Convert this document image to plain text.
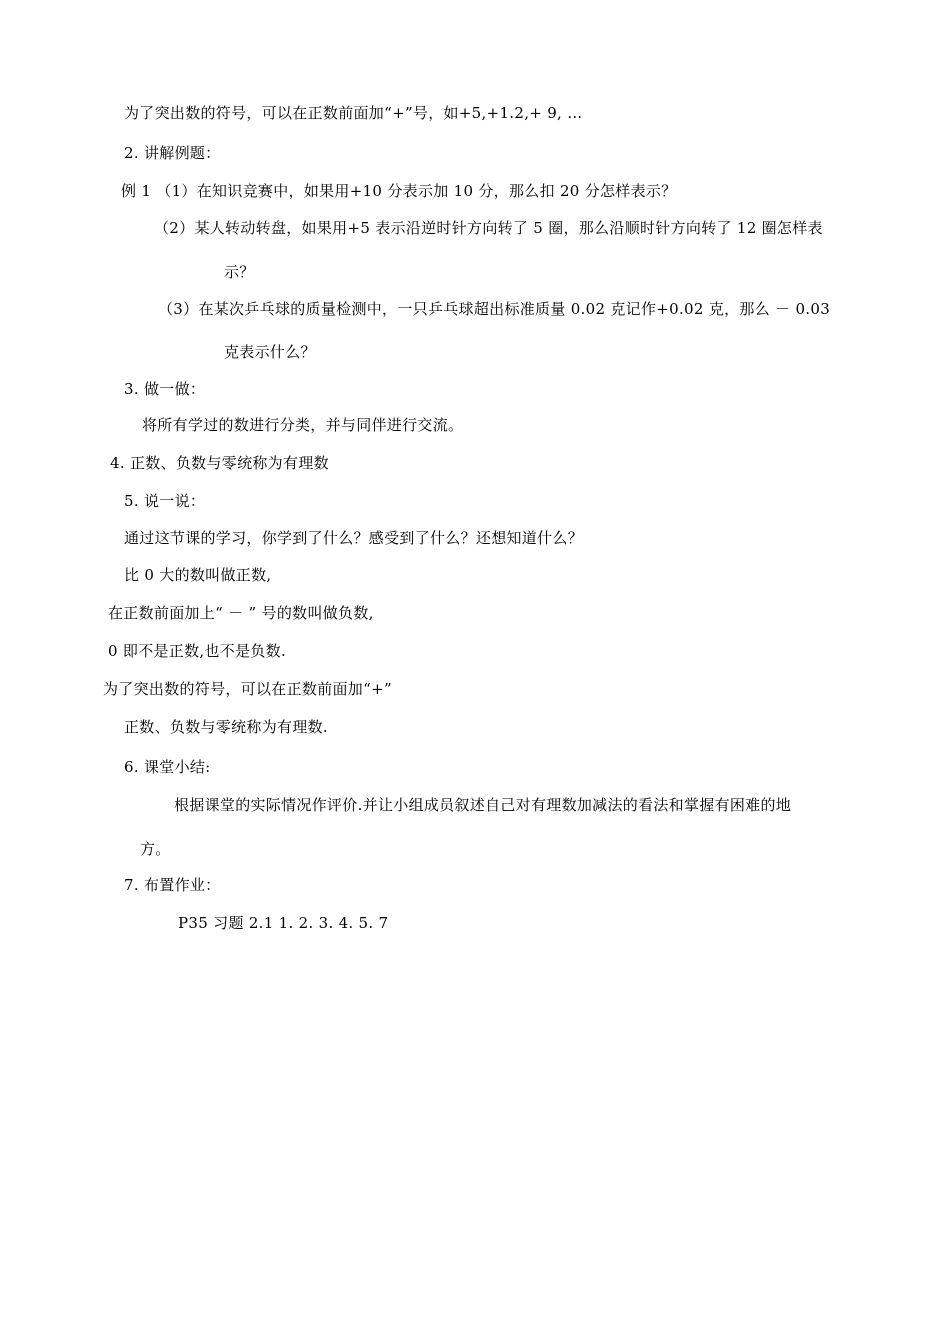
为了突出数的符号，可以在正数前面加“+”号，如+5,+1.2,+ 9, …
2. 讲解例题：
例 1 （1）在知识竞赛中，如果用+10 分表示加 10 分，那么扣 20 分怎样表示？
（2）某人转动转盘，如果用+5 表示沿逆时针方向转了 5 圈，那么沿顺时针方向转了 12 圈怎样表
示？
（3）在某次乒乓球的质量检测中，一只乒乓球超出标准质量 0.02 克记作+0.02 克，那么 － 0.03
克表示什么？
3. 做一做：
将所有学过的数进行分类，并与同伴进行交流。
4. 正数、负数与零统称为有理数
5. 说一说：
通过这节课的学习，你学到了什么？感受到了什么？还想知道什么？
比 0 大的数叫做正数,
在正数前面加上“ － ” 号的数叫做负数,
0 即不是正数,也不是负数.
为了突出数的符号，可以在正数前面加“+”
正数、负数与零统称为有理数.
6. 课堂小结:
根据课堂的实际情况作评价.并让小组成员叙述自己对有理数加减法的看法和掌握有困难的地
方。
7. 布置作业：
P35 习题 2.1 1. 2. 3. 4. 5. 7
